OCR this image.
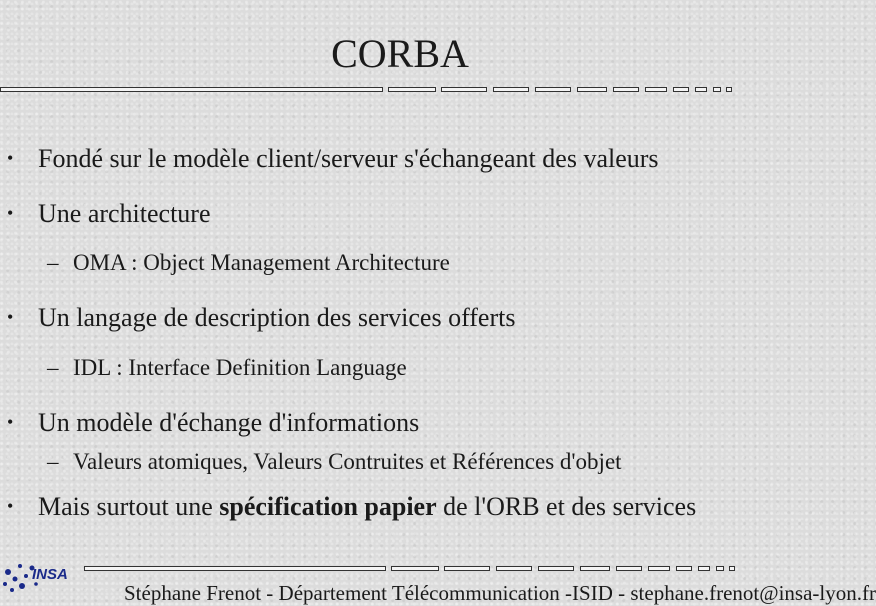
CORBA
• Fondé sur le modèle client/serveur s'échangeant des valeurs
• Une architecture
– OMA : Object Management Architecture
• Un langage de description des services offerts
– IDL : Interface Definition Language
• Un modèle d'échange d'informations
– Valeurs atomiques, Valeurs Contruites et Références d'objet
• Mais surtout une spécification papier de l'ORB et des services
INSA
Stéphane Frenot - Département Télécommunication -ISID - stephane.frenot@insa-lyon.fr
